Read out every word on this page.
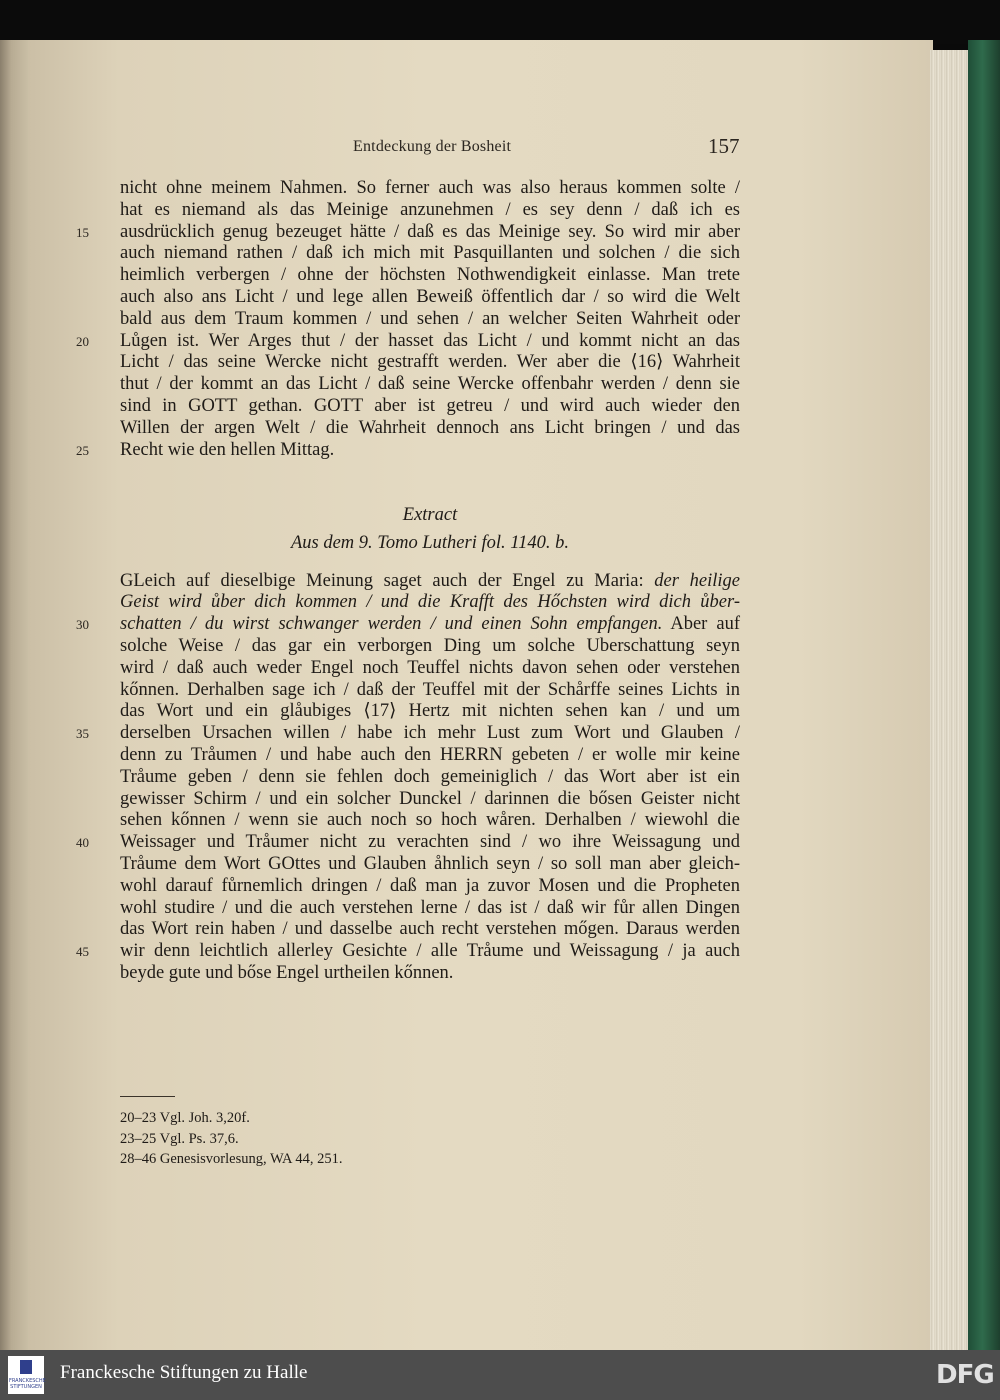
Entdeckung der Bosheit	157
nicht ohne meinem Nahmen. So ferner auch was also heraus kommen solte /
hat es niemand als das Meinige anzunehmen / es sey denn / daß ich es
15	ausdrücklich genug bezeuget hätte / daß es das Meinige sey. So wird mir aber
auch niemand rathen / daß ich mich mit Pasquillanten und solchen / die sich
heimlich verbergen / ohne der höchsten Nothwendigkeit einlasse. Man trete
auch also ans Licht / und lege allen Beweiß öffentlich dar / so wird die Welt
bald aus dem Traum kommen / und sehen / an welcher Seiten Wahrheit oder
20	Lůgen ist. Wer Arges thut / der hasset das Licht / und kommt nicht an das
Licht / das seine Wercke nicht gestrafft werden. Wer aber die ⟨16⟩ Wahrheit
thut / der kommt an das Licht / daß seine Wercke offenbahr werden / denn sie
sind in GOTT gethan. GOTT aber ist getreu / und wird auch wieder den
Willen der argen Welt / die Wahrheit dennoch ans Licht bringen / und das
25	Recht wie den hellen Mittag.
Extract
Aus dem 9. Tomo Lutheri fol. 1140. b.
GLeich auf dieselbige Meinung saget auch der Engel zu Maria: der heilige
Geist wird ůber dich kommen / und die Krafft des Hőchsten wird dich ůber-
30	schatten / du wirst schwanger werden / und einen Sohn empfangen. Aber auf
solche Weise / das gar ein verborgen Ding um solche Uberschattung seyn
wird / daß auch weder Engel noch Teuffel nichts davon sehen oder verstehen
kőnnen. Derhalben sage ich / daß der Teuffel mit der Schårffe seines Lichts in
das Wort und ein glåubiges ⟨17⟩ Hertz mit nichten sehen kan / und um
35	derselben Ursachen willen / habe ich mehr Lust zum Wort und Glauben /
denn zu Tråumen / und habe auch den HERRN gebeten / er wolle mir keine
Tråume geben / denn sie fehlen doch gemeiniglich / das Wort aber ist ein
gewisser Schirm / und ein solcher Dunckel / darinnen die bősen Geister nicht
sehen kőnnen / wenn sie auch noch so hoch wåren. Derhalben / wiewohl die
40	Weissager und Tråumer nicht zu verachten sind / wo ihre Weissagung und
Tråume dem Wort GOttes und Glauben åhnlich seyn / so soll man aber gleich-
wohl darauf fůrnemlich dringen / daß man ja zuvor Mosen und die Propheten
wohl studire / und die auch verstehen lerne / das ist / daß wir fůr allen Dingen
das Wort rein haben / und dasselbe auch recht verstehen mőgen. Daraus werden
45	wir denn leichtlich allerley Gesichte / alle Tråume und Weissagung / ja auch
beyde gute und bőse Engel urtheilen kőnnen.
20–23 Vgl. Joh. 3,20f.
23–25 Vgl. Ps. 37,6.
28–46 Genesisvorlesung, WA 44, 251.
FRANCKESCHE STIFTUNGEN
Franckesche Stiftungen zu Halle	DFG
